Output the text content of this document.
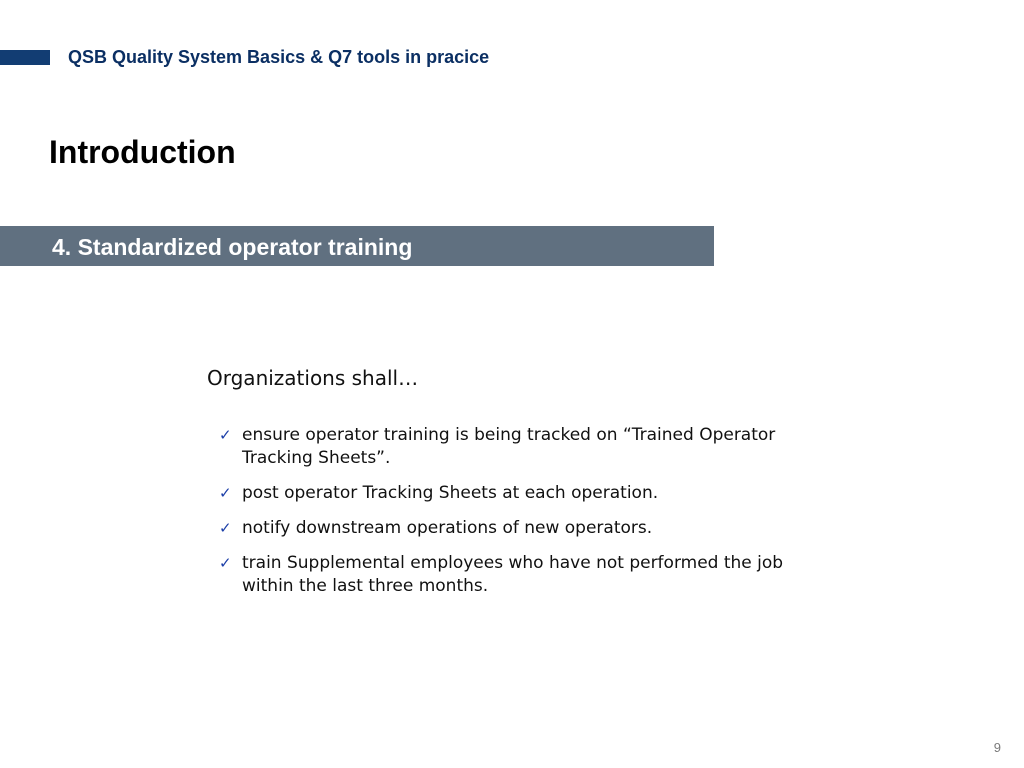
QSB Quality System Basics & Q7 tools in pracice
Introduction
4. Standardized operator training
Organizations shall…
✓ ensure operator training is being tracked on “Trained Operator Tracking Sheets”.
✓ post operator Tracking Sheets at each operation.
✓ notify downstream operations of new operators.
✓ train Supplemental employees who have not performed the job within the last three months.
9
